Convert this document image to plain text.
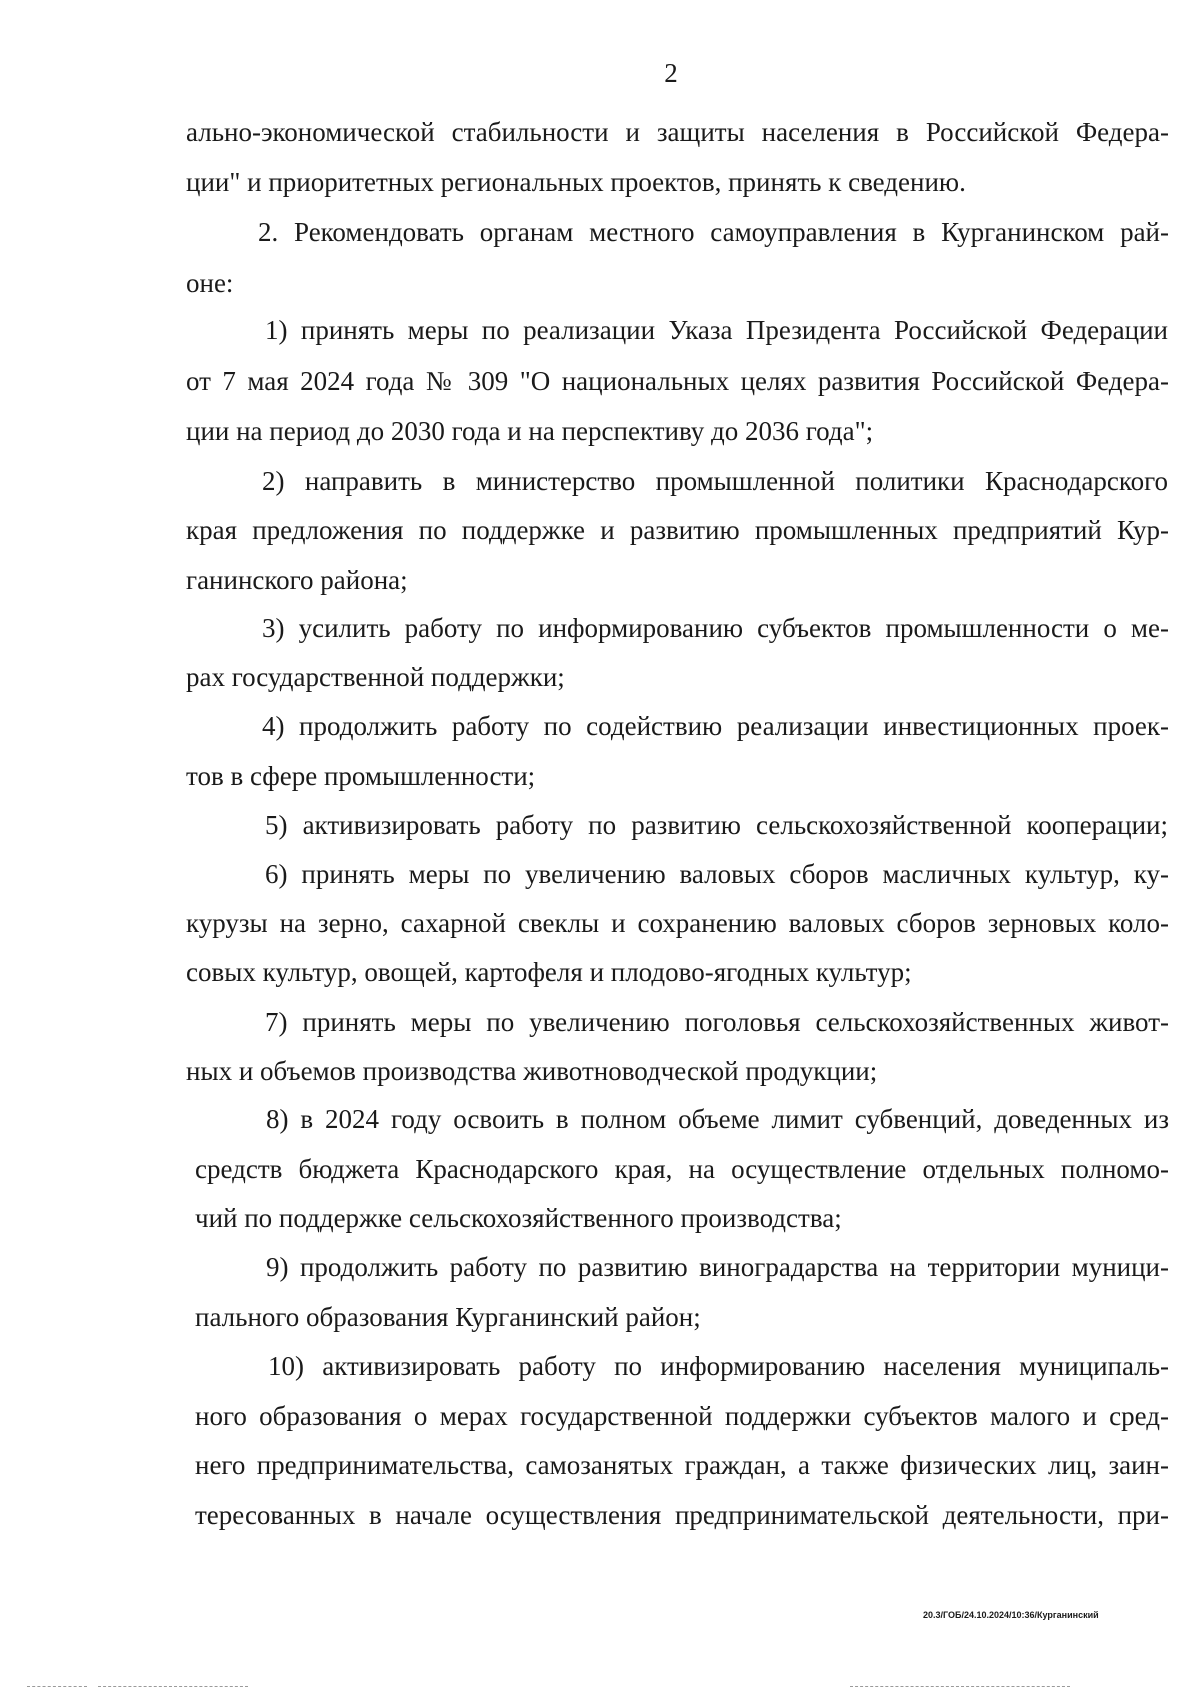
2
ально-экономической стабильности и защиты населения в Российской Федера-
ции" и приоритетных региональных проектов, принять к сведению.
2. Рекомендовать органам местного самоуправления в Курганинском рай-
оне:
1) принять меры по реализации Указа Президента Российской Федерации
от 7 мая 2024 года № 309 "О национальных целях развития Российской Федера-
ции на период до 2030 года и на перспективу до 2036 года";
2) направить в министерство промышленной политики Краснодарского
края предложения по поддержке и развитию промышленных предприятий Кур-
ганинского района;
3) усилить работу по информированию субъектов промышленности о ме-
рах государственной поддержки;
4) продолжить работу по содействию реализации инвестиционных проек-
тов в сфере промышленности;
5) активизировать работу по развитию сельскохозяйственной кооперации;
6) принять меры по увеличению валовых сборов масличных культур, ку-
курузы на зерно, сахарной свеклы и сохранению валовых сборов зерновых коло-
совых культур, овощей, картофеля и плодово-ягодных культур;
7) принять меры по увеличению поголовья сельскохозяйственных живот-
ных и объемов производства животноводческой продукции;
8) в 2024 году освоить в полном объеме лимит субвенций, доведенных из
средств бюджета Краснодарского края, на осуществление отдельных полномо-
чий по поддержке сельскохозяйственного производства;
9) продолжить работу по развитию виноградарства на территории муници-
пального образования Курганинский район;
10) активизировать работу по информированию населения муниципаль-
ного образования о мерах государственной поддержки субъектов малого и сред-
него предпринимательства, самозанятых граждан, а также физических лиц, заин-
тересованных в начале осуществления предпринимательской деятельности, при-
20.3/ГОБ/24.10.2024/10:36/Курганинский
